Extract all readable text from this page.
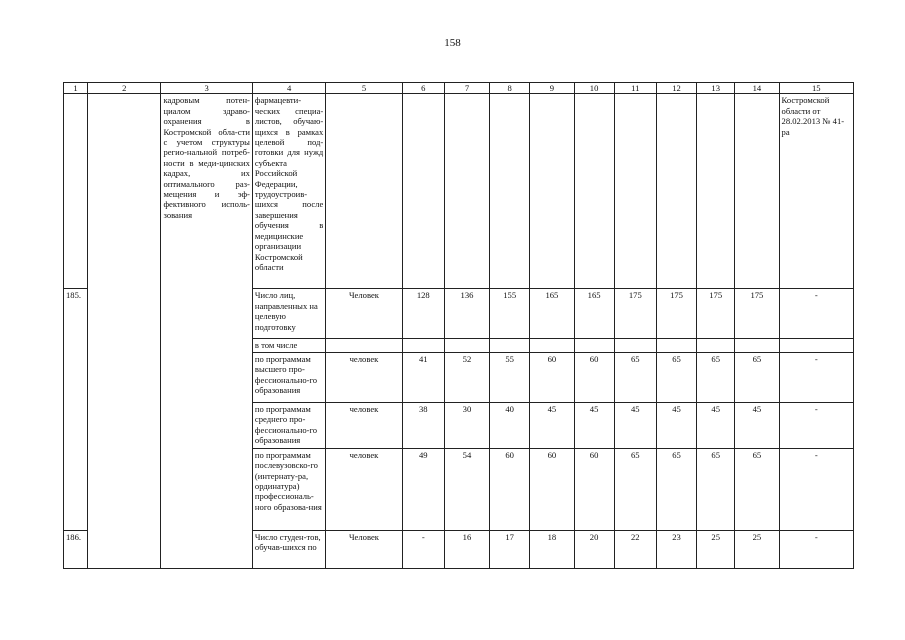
158
1	2	3	4	5	6	7	8	9	10	11	12	13	14	15
		кадровым потен-циалом здраво-охранения в Костромской обла-сти с учетом структуры регио-нальной потреб-ности в меди-цинских кадрах, их оптимального раз-мещения и эф-фективного исполь-зования	фармацевти-ческих специа-листов, обучаю-щихся в рамках целевой под-готовки для нужд субъекта Российской Федерации, трудоустроив-шихся после завершения обучения в медицинские организации Костромской области											Костромской области от 28.02.2013 № 41-ра
185.			Число лиц, направленных на целевую подготовку	Человек	128	136	155	165	165	175	175	175	175	-
			в том числе											
			по программам высшего про-фессионально-го образования	человек	41	52	55	60	60	65	65	65	65	-
			по программам среднего про-фессионально-го образования	человек	38	30	40	45	45	45	45	45	45	-
			по программам послевузовско-го (интернату-ра, ординатура) профессиональ-ного образова-ния	человек	49	54	60	60	60	65	65	65	65	-
186.			Число студен-тов, обучав-шихся по	Человек	-	16	17	18	20	22	23	25	25	-
